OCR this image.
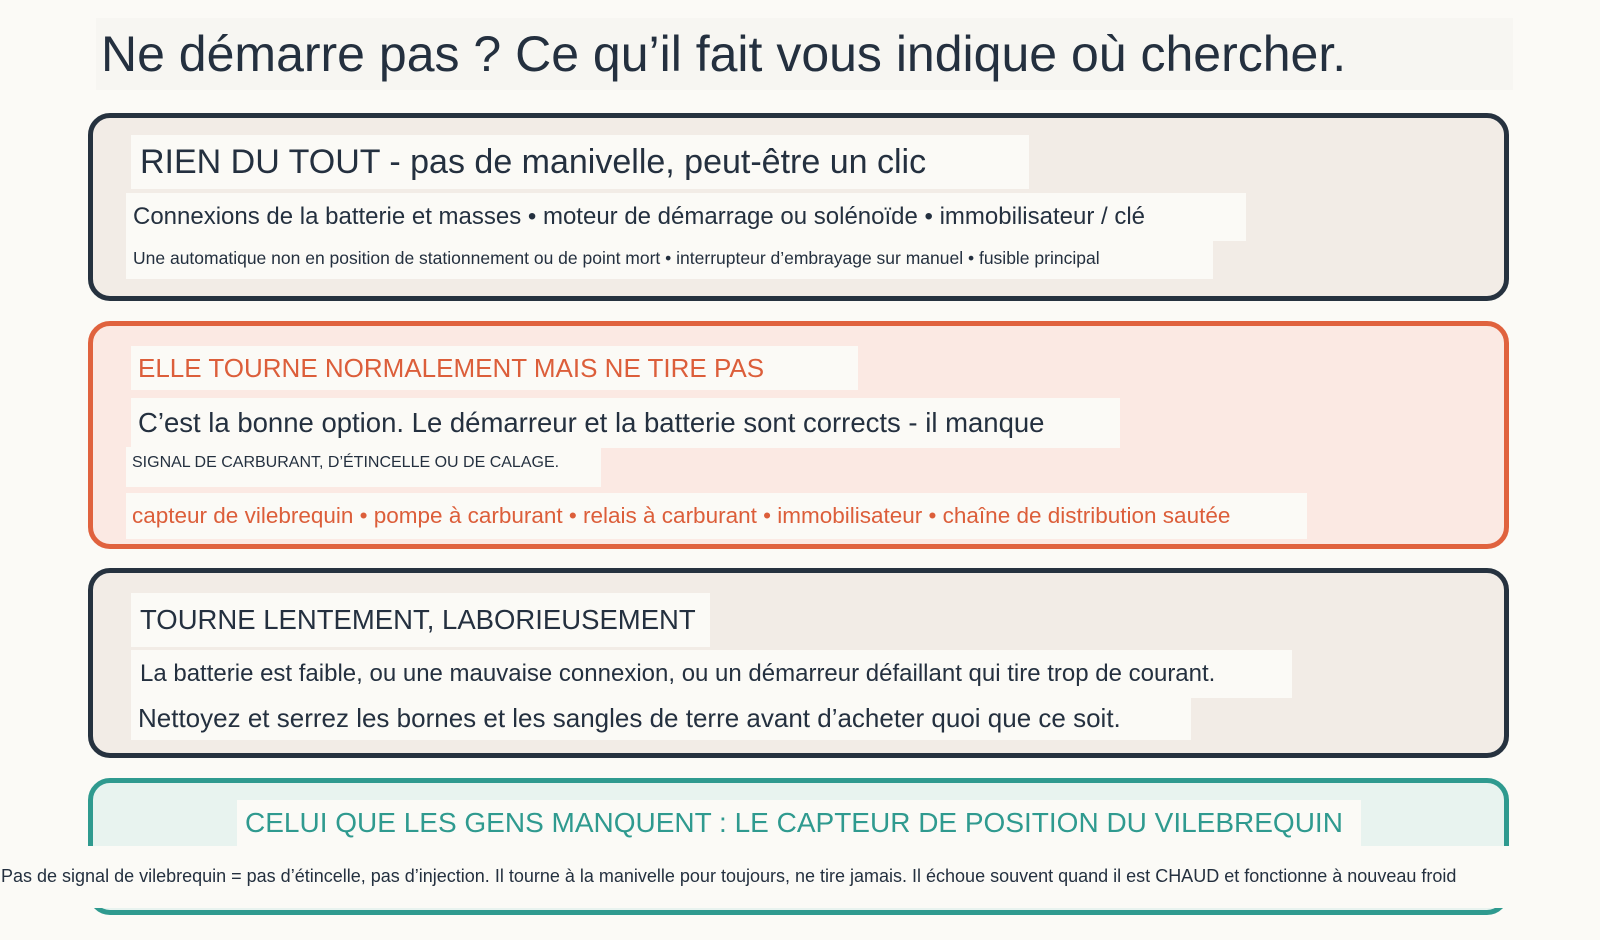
Ne démarre pas ? Ce qu’il fait vous indique où chercher.
RIEN DU TOUT - pas de manivelle, peut-être un clic
Connexions de la batterie et masses • moteur de démarrage ou solénoïde • immobilisateur / clé
Une automatique non en position de stationnement ou de point mort • interrupteur d’embrayage sur manuel • fusible principal
ELLE TOURNE NORMALEMENT MAIS NE TIRE PAS
C’est la bonne option. Le démarreur et la batterie sont corrects - il manque
SIGNAL DE CARBURANT, D’ÉTINCELLE OU DE CALAGE.
capteur de vilebrequin • pompe à carburant • relais à carburant • immobilisateur • chaîne de distribution sautée
TOURNE LENTEMENT, LABORIEUSEMENT
La batterie est faible, ou une mauvaise connexion, ou un démarreur défaillant qui tire trop de courant.
Nettoyez et serrez les bornes et les sangles de terre avant d’acheter quoi que ce soit.
CELUI QUE LES GENS MANQUENT : LE CAPTEUR DE POSITION DU VILEBREQUIN
Pas de signal de vilebrequin = pas d’étincelle, pas d’injection. Il tourne à la manivelle pour toujours, ne tire jamais. Il échoue souvent quand il est CHAUD et fonctionne à nouveau froid
